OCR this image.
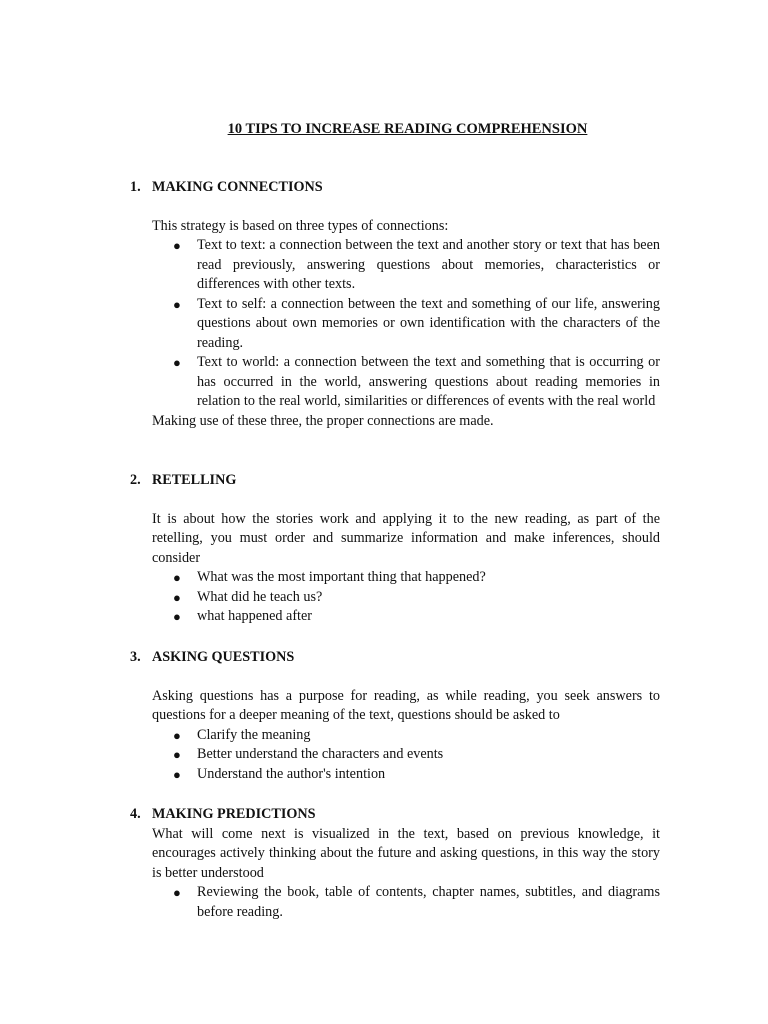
10 TIPS TO INCREASE READING COMPREHENSION
1. MAKING CONNECTIONS
This strategy is based on three types of connections:
● Text to text: a connection between the text and another story or text that has been read previously, answering questions about memories, characteristics or differences with other texts.
● Text to self: a connection between the text and something of our life, answering questions about own memories or own identification with the characters of the reading.
● Text to world: a connection between the text and something that is occurring or has occurred in the world, answering questions about reading memories in relation to the real world, similarities or differences of events with the real world
Making use of these three, the proper connections are made.
2. RETELLING
It is about how the stories work and applying it to the new reading, as part of the retelling, you must order and summarize information and make inferences, should consider
● What was the most important thing that happened?
● What did he teach us?
● what happened after
3. ASKING QUESTIONS
Asking questions has a purpose for reading, as while reading, you seek answers to questions for a deeper meaning of the text, questions should be asked to
● Clarify the meaning
● Better understand the characters and events
● Understand the author's intention
4. MAKING PREDICTIONS
What will come next is visualized in the text, based on previous knowledge, it encourages actively thinking about the future and asking questions, in this way the story is better understood
● Reviewing the book, table of contents, chapter names, subtitles, and diagrams before reading.
